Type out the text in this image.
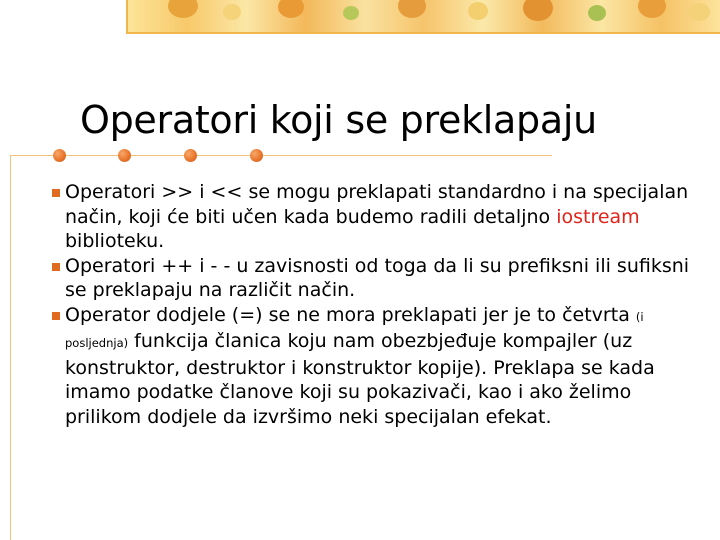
Operatori koji se preklapaju
Operatori >> i << se mogu preklapati standardno i na specijalan način, koji će biti učen kada budemo radili detaljno iostream biblioteku.
Operatori ++ i - - u zavisnosti od toga da li su prefiksni ili sufiksni se preklapaju na različit način.
Operator dodjele (=) se ne mora preklapati jer je to četvrta (i posljednja) funkcija članica koju nam obezbjeđuje kompajler (uz konstruktor, destruktor i konstruktor kopije). Preklapa se kada imamo podatke članove koji su pokazivači, kao i ako želimo prilikom dodjele da izvršimo neki specijalan efekat.
